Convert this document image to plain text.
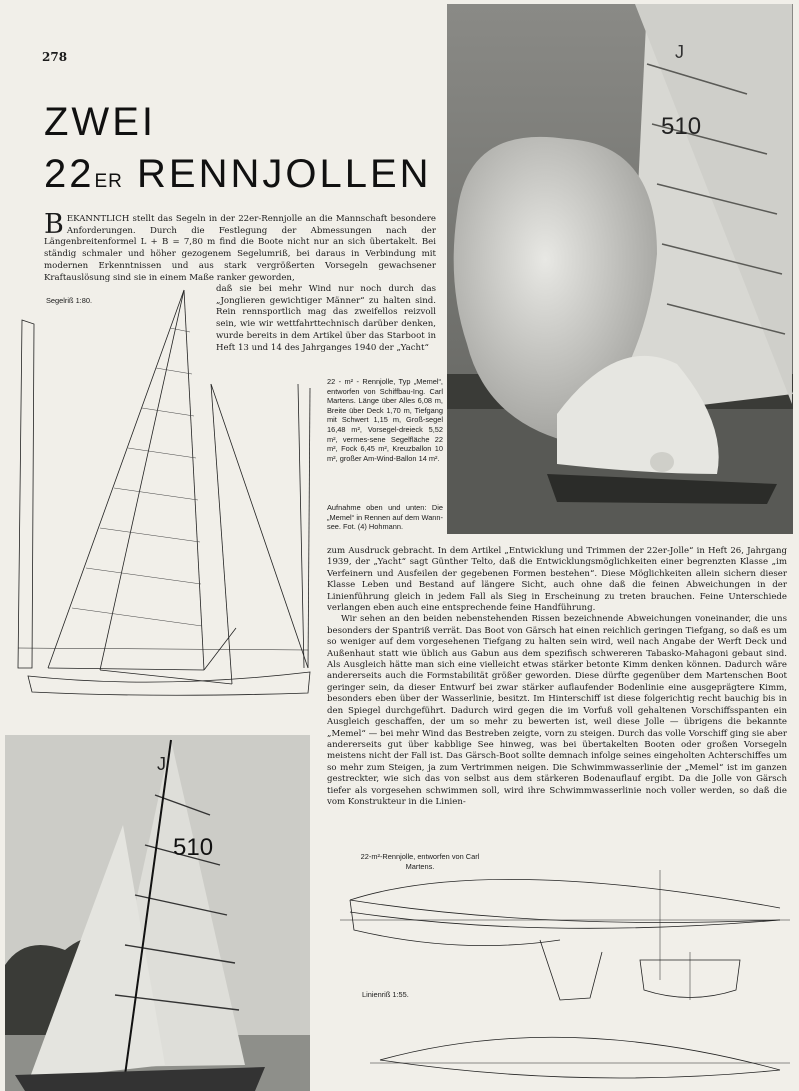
278
ZWEI
22ER RENNJOLLEN
BEKANNTLICH stellt das Segeln in der 22er-Rennjolle an die Mannschaft besondere Anforderungen. Durch die Festlegung der Abmessungen nach der Längenbreitenformel L + B = 7,80 m find die Boote nicht nur an sich übertakelt. Bei ständig schmaler und höher gezogenem Segelumriß, bei daraus in Verbindung mit modernen Erkenntnissen und aus stark vergrößerten Vorsegeln gewachsener Kraftauslösung sind sie in einem Maße ranker geworden,
daß sie bei mehr Wind nur noch durch das „Jonglieren gewichtiger Männer“ zu halten sind. Rein rennsportlich mag das zweifellos reizvoll sein, wie wir wettfahrttechnisch darüber denken, wurde bereits in dem Artikel über das Starboot in Heft 13 und 14 des Jahrganges 1940 der „Yacht“
Segelriß 1:80.
22 - m² - Rennjolle, Typ „Memel“, entworfen von Schiffbau-Ing. Carl Martens. Länge über Alles 6,08 m, Breite über Deck 1,70 m, Tiefgang mit Schwert 1,15 m, Groß-segel 16,48 m², Vorsegel-dreieck 5,52 m², vermes-sene Segelfläche 22 m², Fock 6,45 m², Kreuzballon 10 m², großer Am-Wind-Ballon 14 m².
Aufnahme oben und unten: Die „Memel“ in Rennen auf dem Wann-see. Fot. (4) Hohmann.
J
510
J
510

zum Ausdruck gebracht. In dem Artikel „Entwicklung und Trimmen der 22er-Jolle“ in Heft 26, Jahrgang 1939, der „Yacht“ sagt Günther Telto, daß die Entwicklungsmöglichkeiten einer begrenzten Klasse „im Verfeinern und Ausfeilen der gegebenen Formen bestehen“. Diese Möglichkeiten allein sichern dieser Klasse Leben und Bestand auf längere Sicht, auch ohne daß die feinen Abweichungen in der Linienführung gleich in jedem Fall als Sieg in Erscheinung zu treten brauchen. Feine Unterschiede verlangen eben auch eine entsprechende feine Handführung.

Wir sehen an den beiden nebenstehenden Rissen bezeichnende Abweichungen voneinander, die uns besonders der Spantriß verrät. Das Boot von Gärsch hat einen reichlich geringen Tiefgang, so daß es um so weniger auf dem vorgesehenen Tiefgang zu halten sein wird, weil nach Angabe der Werft Deck und Außenhaut statt wie üblich aus Gabun aus dem spezifisch schwereren Tabasko-Mahagoni gebaut sind. Als Ausgleich hätte man sich eine vielleicht etwas stärker betonte Kimm denken können. Dadurch wäre andererseits auch die Formstabilität größer geworden. Diese dürfte gegenüber dem Martenschen Boot geringer sein, da dieser Entwurf bei zwar stärker auflaufender Bodenlinie eine ausgeprägtere Kimm, besonders eben über der Wasserlinie, besitzt. Im Hinterschiff ist diese folgerichtig recht bauchig bis in den Spiegel durchgeführt. Dadurch wird gegen die im Vorfuß voll gehaltenen Vorschiffsspanten ein Ausgleich geschaffen, der um so mehr zu bewerten ist, weil diese Jolle — übrigens die bekannte „Memel“ — bei mehr Wind das Bestreben zeigte, vorn zu steigen. Durch das volle Vorschiff ging sie aber andererseits gut über kabblige See hinweg, was bei übertakelten Booten oder großen Vorsegeln meistens nicht der Fall ist. Das Gärsch-Boot sollte demnach infolge seines eingeholten Achterschiffes um so mehr zum Steigen, ja zum Vertrimmen neigen. Die Schwimmwasserlinie der „Memel“ ist im ganzen gestreckter, wie sich das von selbst aus dem stärkeren Bodenauflauf ergibt. Da die Jolle von Gärsch tiefer als vorgesehen schwimmen soll, wird ihre Schwimmwasserlinie noch voller werden, so daß die vom Konstrukteur in die Linien-

22-m²-Rennjolle, entworfen von Carl Martens.
Linienriß 1:55.
